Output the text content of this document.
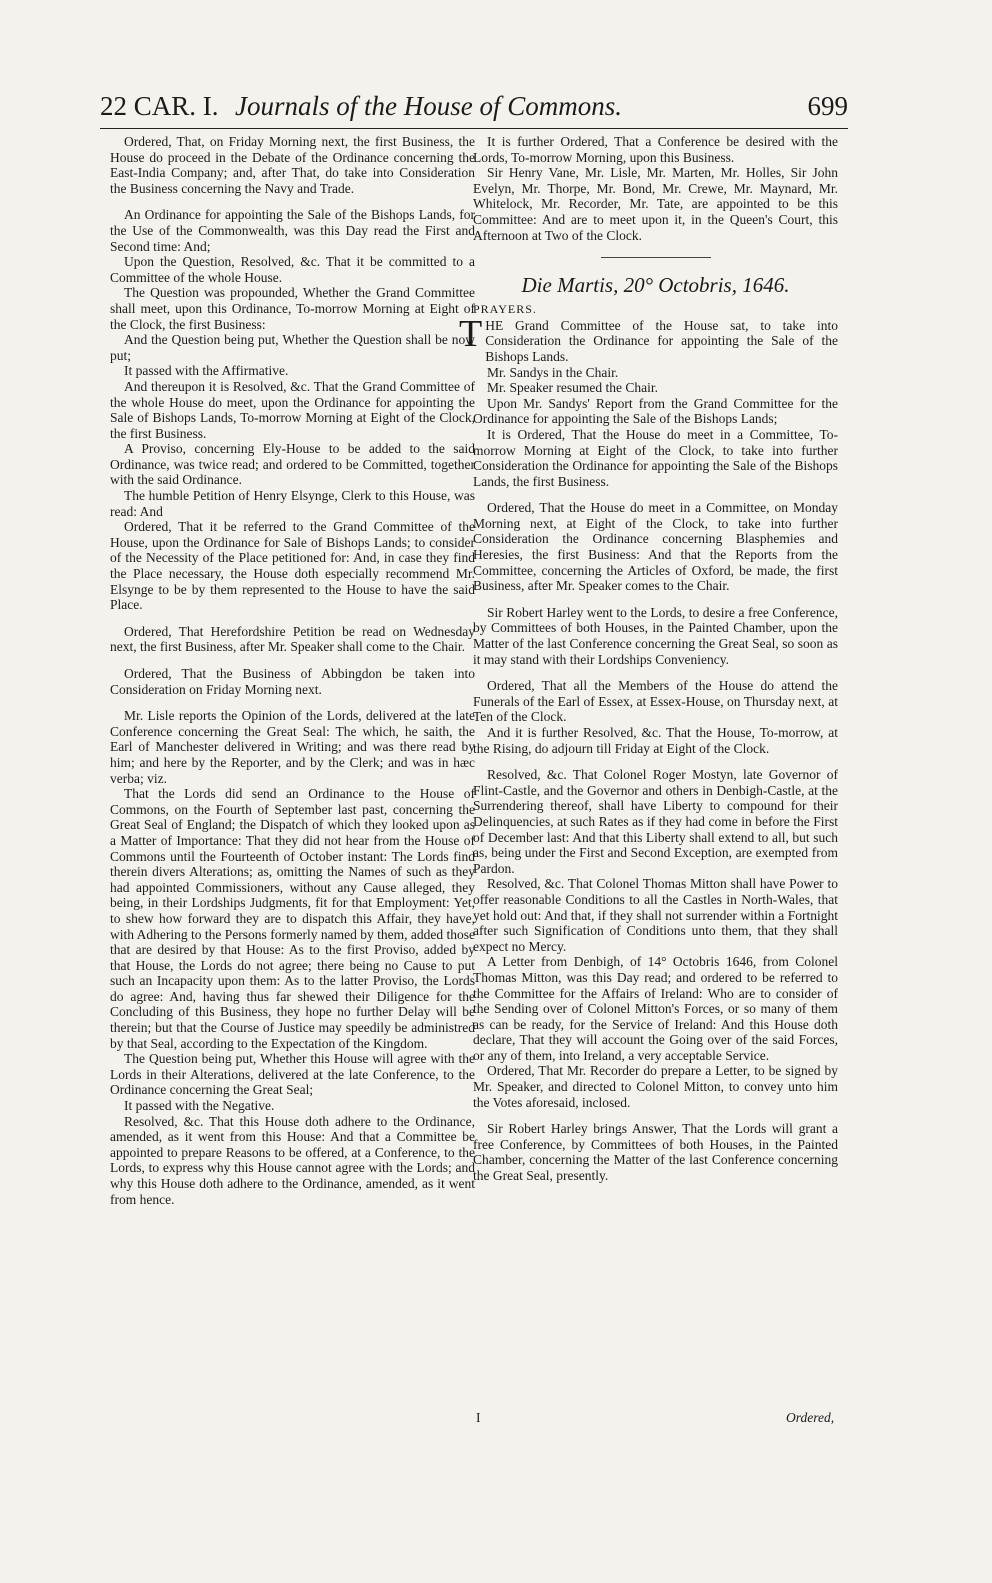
22 CAR. I. Journals of the House of Commons.	699

Ordered, That, on Friday Morning next, the first Business, the House do proceed in the Debate of the Ordinance concerning the East-India Company; and, after That, do take into Consideration the Business concerning the Navy and Trade.

An Ordinance for appointing the Sale of the Bishops Lands, for the Use of the Commonwealth, was this Day read the First and Second time: And;

Upon the Question, Resolved, &c. That it be committed to a Committee of the whole House.

The Question was propounded, Whether the Grand Committee shall meet, upon this Ordinance, To-morrow Morning at Eight of the Clock, the first Business:

And the Question being put, Whether the Question shall be now put;

It passed with the Affirmative.

And thereupon it is Resolved, &c. That the Grand Committee of the whole House do meet, upon the Ordinance for appointing the Sale of Bishops Lands, To-morrow Morning at Eight of the Clock, the first Business.

A Proviso, concerning Ely-House to be added to the said Ordinance, was twice read; and ordered to be Committed, together with the said Ordinance.

The humble Petition of Henry Elsynge, Clerk to this House, was read: And

Ordered, That it be referred to the Grand Committee of the House, upon the Ordinance for Sale of Bishops Lands; to consider of the Necessity of the Place petitioned for: And, in case they find the Place necessary, the House doth especially recommend Mr. Elsynge to be by them represented to the House to have the said Place.

Ordered, That Herefordshire Petition be read on Wednesday next, the first Business, after Mr. Speaker shall come to the Chair.

Ordered, That the Business of Abbingdon be taken into Consideration on Friday Morning next.

Mr. Lisle reports the Opinion of the Lords, delivered at the late Conference concerning the Great Seal: The which, he saith, the Earl of Manchester delivered in Writing; and was there read by him; and here by the Reporter, and by the Clerk; and was in hæc verba; viz.

That the Lords did send an Ordinance to the House of Commons, on the Fourth of September last past, concerning the Great Seal of England; the Dispatch of which they looked upon as a Matter of Importance: That they did not hear from the House of Commons until the Fourteenth of October instant: The Lords find therein divers Alterations; as, omitting the Names of such as they had appointed Commissioners, without any Cause alleged, they being, in their Lordships Judgments, fit for that Employment: Yet, to shew how forward they are to dispatch this Affair, they have, with Adhering to the Persons formerly named by them, added those that are desired by that House: As to the first Proviso, added by that House, the Lords do not agree; there being no Cause to put such an Incapacity upon them: As to the latter Proviso, the Lords do agree: And, having thus far shewed their Diligence for the Concluding of this Business, they hope no further Delay will be therein; but that the Course of Justice may speedily be administred by that Seal, according to the Expectation of the Kingdom.

The Question being put, Whether this House will agree with the Lords in their Alterations, delivered at the late Conference, to the Ordinance concerning the Great Seal;

It passed with the Negative.

Resolved, &c. That this House doth adhere to the Ordinance, amended, as it went from this House: And that a Committee be appointed to prepare Reasons to be offered, at a Conference, to the Lords, to express why this House cannot agree with the Lords; and why this House doth adhere to the Ordinance, amended, as it went from hence.

It is further Ordered, That a Conference be desired with the Lords, To-morrow Morning, upon this Business.

Sir Henry Vane, Mr. Lisle, Mr. Marten, Mr. Holles, Sir John Evelyn, Mr. Thorpe, Mr. Bond, Mr. Crewe, Mr. Maynard, Mr. Whitelock, Mr. Recorder, Mr. Tate, are appointed to be this Committee: And are to meet upon it, in the Queen's Court, this Afternoon at Two of the Clock.

Die Martis, 20° Octobris, 1646.

PRAYERS.

THE Grand Committee of the House sat, to take into Consideration the Ordinance for appointing the Sale of the Bishops Lands.

Mr. Sandys in the Chair.

Mr. Speaker resumed the Chair.

Upon Mr. Sandys' Report from the Grand Committee for the Ordinance for appointing the Sale of the Bishops Lands;

It is Ordered, That the House do meet in a Committee, To-morrow Morning at Eight of the Clock, to take into further Consideration the Ordinance for appointing the Sale of the Bishops Lands, the first Business.

Ordered, That the House do meet in a Committee, on Monday Morning next, at Eight of the Clock, to take into further Consideration the Ordinance concerning Blasphemies and Heresies, the first Business: And that the Reports from the Committee, concerning the Articles of Oxford, be made, the first Business, after Mr. Speaker comes to the Chair.

Sir Robert Harley went to the Lords, to desire a free Conference, by Committees of both Houses, in the Painted Chamber, upon the Matter of the last Conference concerning the Great Seal, so soon as it may stand with their Lordships Conveniency.

Ordered, That all the Members of the House do attend the Funerals of the Earl of Essex, at Essex-House, on Thursday next, at Ten of the Clock.

And it is further Resolved, &c. That the House, To-morrow, at the Rising, do adjourn till Friday at Eight of the Clock.

Resolved, &c. That Colonel Roger Mostyn, late Governor of Flint-Castle, and the Governor and others in Denbigh-Castle, at the Surrendering thereof, shall have Liberty to compound for their Delinquencies, at such Rates as if they had come in before the First of December last: And that this Liberty shall extend to all, but such as, being under the First and Second Exception, are exempted from Pardon.

Resolved, &c. That Colonel Thomas Mitton shall have Power to offer reasonable Conditions to all the Castles in North-Wales, that yet hold out: And that, if they shall not surrender within a Fortnight after such Signification of Conditions unto them, that they shall expect no Mercy.

A Letter from Denbigh, of 14° Octobris 1646, from Colonel Thomas Mitton, was this Day read; and ordered to be referred to the Committee for the Affairs of Ireland: Who are to consider of the Sending over of Colonel Mitton's Forces, or so many of them as can be ready, for the Service of Ireland: And this House doth declare, That they will account the Going over of the said Forces, or any of them, into Ireland, a very acceptable Service.

Ordered, That Mr. Recorder do prepare a Letter, to be signed by Mr. Speaker, and directed to Colonel Mitton, to convey unto him the Votes aforesaid, inclosed.

Sir Robert Harley brings Answer, That the Lords will grant a free Conference, by Committees of both Houses, in the Painted Chamber, concerning the Matter of the last Conference concerning the Great Seal, presently.

I	Ordered,
